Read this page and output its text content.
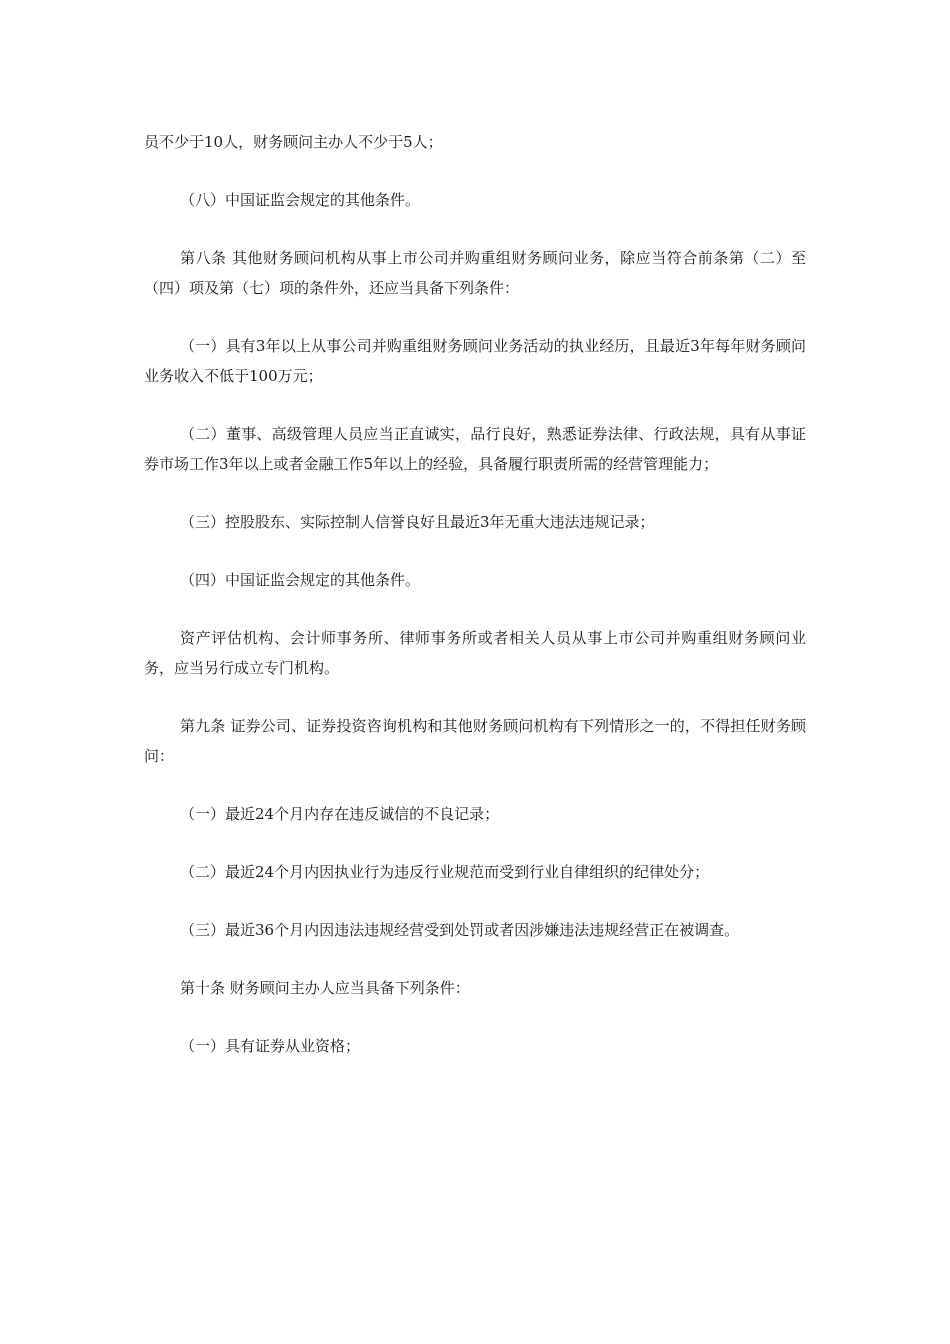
员不少于10人，财务顾问主办人不少于5人；

（八）中国证监会规定的其他条件。

第八条 其他财务顾问机构从事上市公司并购重组财务顾问业务，除应当符合前条第（二）至（四）项及第（七）项的条件外，还应当具备下列条件：

（一）具有3年以上从事公司并购重组财务顾问业务活动的执业经历，且最近3年每年财务顾问业务收入不低于100万元；

（二）董事、高级管理人员应当正直诚实，品行良好，熟悉证券法律、行政法规，具有从事证券市场工作3年以上或者金融工作5年以上的经验，具备履行职责所需的经营管理能力；

（三）控股股东、实际控制人信誉良好且最近3年无重大违法违规记录；

（四）中国证监会规定的其他条件。

资产评估机构、会计师事务所、律师事务所或者相关人员从事上市公司并购重组财务顾问业务，应当另行成立专门机构。

第九条 证券公司、证券投资咨询机构和其他财务顾问机构有下列情形之一的，不得担任财务顾问：

（一）最近24个月内存在违反诚信的不良记录；

（二）最近24个月内因执业行为违反行业规范而受到行业自律组织的纪律处分；

（三）最近36个月内因违法违规经营受到处罚或者因涉嫌违法违规经营正在被调查。

第十条 财务顾问主办人应当具备下列条件：

（一）具有证券从业资格；
